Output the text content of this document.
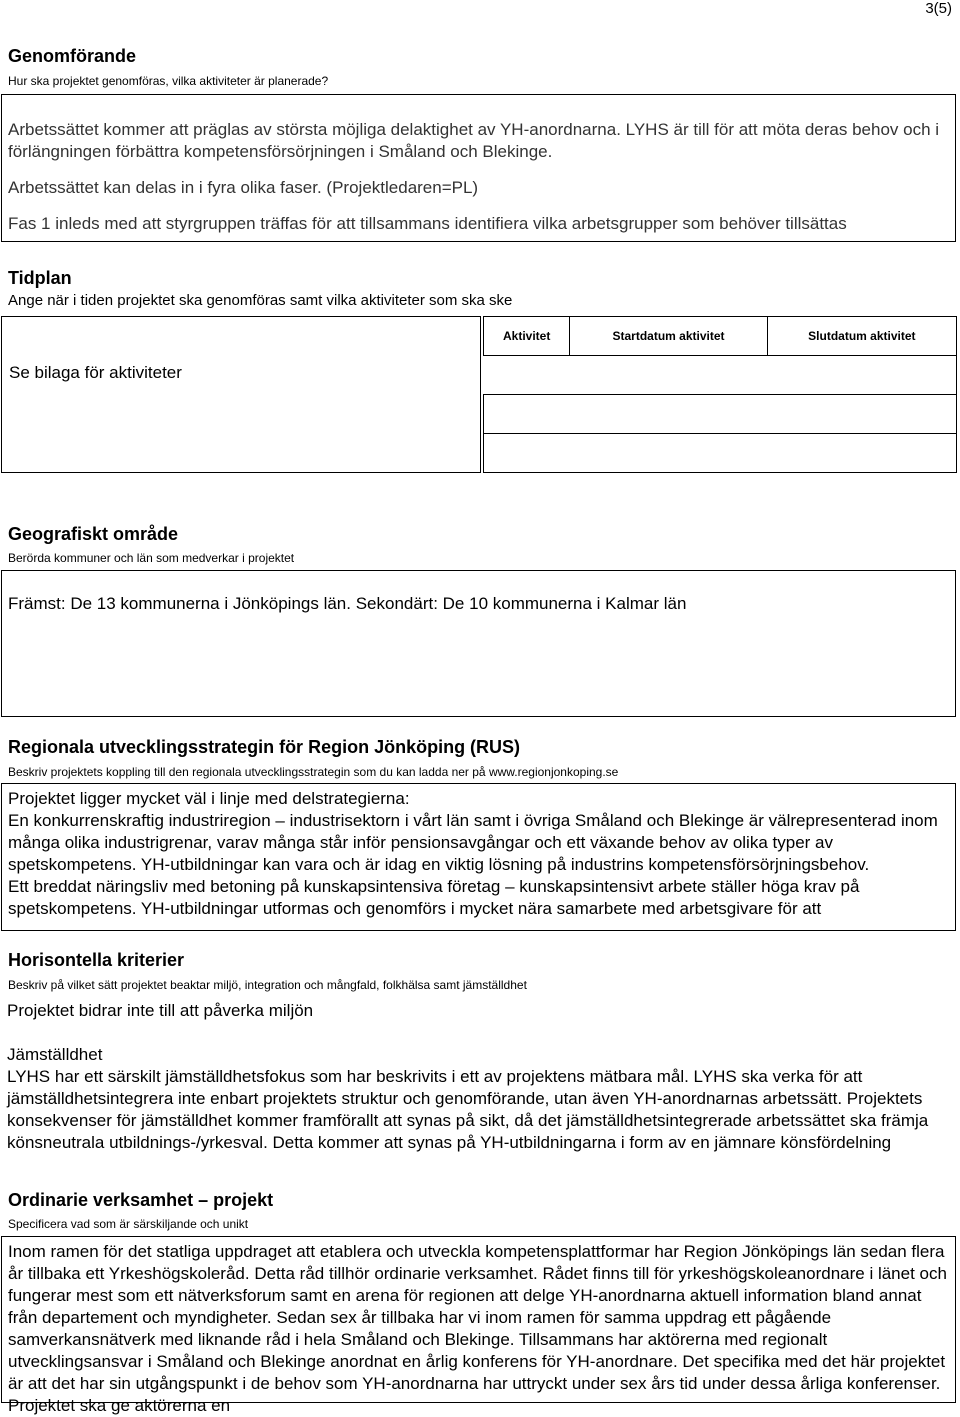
3(5)
Genomförande
Hur ska projektet genomföras, vilka aktiviteter är planerade?

Arbetssättet kommer att präglas av största möjliga delaktighet av YH-anordnarna. LYHS är till för att möta deras behov och i förlängningen förbättra kompetensförsörjningen i Småland och Blekinge.

Arbetssättet kan delas in i fyra olika faser. (Projektledaren=PL)

Fas 1 inleds med att styrgruppen träffas för att tillsammans identifiera vilka arbetsgrupper som behöver tillsättas

Tidplan
Ange när i tiden projektet ska genomföras samt vilka aktiviteter som ska ske
Se bilaga för aktiviteter		Aktivitet	Startdatum aktivitet	Slutdatum aktivitet

Geografiskt område
Berörda kommuner och län som medverkar i projektet

Främst: De 13 kommunerna i Jönköpings län. Sekondärt: De 10 kommunerna i Kalmar län

Regionala utvecklingsstrategin för Region Jönköping (RUS)
Beskriv projektets koppling till den regionala utvecklingsstrategin som du kan ladda ner på www.regionjonkoping.se

Projektet ligger mycket väl i linje med delstrategierna:

En konkurrenskraftig industriregion – industrisektorn i vårt län samt i övriga Småland och Blekinge är välrepresenterad inom många olika industrigrenar, varav många står inför pensionsavgångar och ett växande behov av olika typer av spetskompetens. YH-utbildningar kan vara och är idag en viktig lösning på industrins kompetensförsörjningsbehov.

Ett breddat näringsliv med betoning på kunskapsintensiva företag – kunskapsintensivt arbete ställer höga krav på spetskompetens. YH-utbildningar utformas och genomförs i mycket nära samarbete med arbetsgivare för att

Horisontella kriterier
Beskriv på vilket sätt projektet beaktar miljö, integration och mångfald, folkhälsa samt jämställdhet

Projektet bidrar inte till att påverka miljön

Jämställdhet

LYHS har ett särskilt jämställdhetsfokus som har beskrivits i ett av projektens mätbara mål. LYHS ska verka för att jämställdhetsintegrera inte enbart projektets struktur och genomförande, utan även YH-anordnarnas arbetssätt. Projektets konsekvenser för jämställdhet kommer framförallt att synas på sikt, då det jämställdhetsintegrerade arbetssättet ska främja könsneutrala utbildnings-/yrkesval. Detta kommer att synas på YH-utbildningarna i form av en jämnare könsfördelning

Ordinarie verksamhet – projekt
Specificera vad som är särskiljande och unikt

Inom ramen för det statliga uppdraget att etablera och utveckla kompetensplattformar har Region Jönköpings län sedan flera år tillbaka ett Yrkeshögskoleråd. Detta råd tillhör ordinarie verksamhet. Rådet finns till för yrkeshögskoleanordnare i länet och fungerar mest som ett nätverksforum samt en arena för regionen att delge YH-anordnarna aktuell information bland annat från departement och myndigheter. Sedan sex år tillbaka har vi inom ramen för samma uppdrag ett pågående samverkansnätverk med liknande råd i hela Småland och Blekinge. Tillsammans har aktörerna med regionalt utvecklingsansvar i Småland och Blekinge anordnat en årlig konferens för YH-anordnare. Det specifika med det här projektet är att det har sin utgångspunkt i de behov som YH-anordnarna har uttryckt under sex års tid under dessa årliga konferenser. Projektet ska ge aktörerna en
